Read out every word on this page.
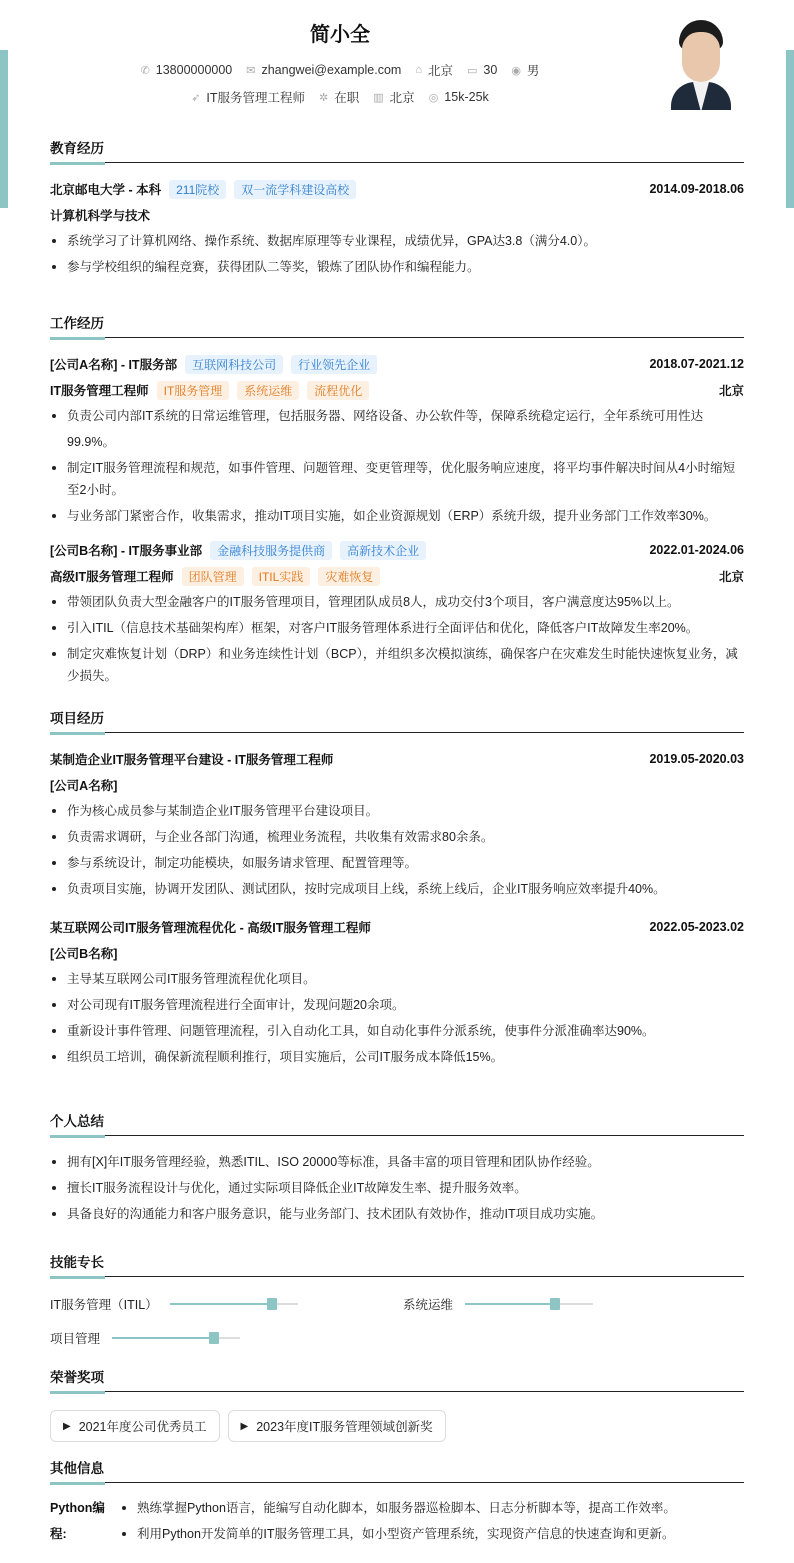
简小全
✆ 13800000000 ✉ zhangwei@example.com ⌂ 北京 ▭ 30 ◉ 男
➶ IT服务管理工程师 ✲ 在职 ▥ 北京 ◎ 15k-25k
教育经历
北京邮电大学 - 本科	211院校	双一流学科建设高校	2014.09-2018.06
计算机科学与技术
系统学习了计算机网络、操作系统、数据库原理等专业课程，成绩优异，GPA达3.8（满分4.0）。
参与学校组织的编程竞赛，获得团队二等奖，锻炼了团队协作和编程能力。
工作经历
[公司A名称] - IT服务部	互联网科技公司	行业领先企业	2018.07-2021.12
IT服务管理工程师	IT服务管理	系统运维	流程优化	北京
负责公司内部IT系统的日常运维管理，包括服务器、网络设备、办公软件等，保障系统稳定运行，全年系统可用性达99.9%。
制定IT服务管理流程和规范，如事件管理、问题管理、变更管理等，优化服务响应速度，将平均事件解决时间从4小时缩短至2小时。
与业务部门紧密合作，收集需求，推动IT项目实施，如企业资源规划（ERP）系统升级，提升业务部门工作效率30%。
[公司B名称] - IT服务事业部	金融科技服务提供商	高新技术企业	2022.01-2024.06
高级IT服务管理工程师	团队管理	ITIL实践	灾难恢复	北京
带领团队负责大型金融客户的IT服务管理项目，管理团队成员8人，成功交付3个项目，客户满意度达95%以上。
引入ITIL（信息技术基础架构库）框架，对客户IT服务管理体系进行全面评估和优化，降低客户IT故障发生率20%。
制定灾难恢复计划（DRP）和业务连续性计划（BCP），并组织多次模拟演练，确保客户在灾难发生时能快速恢复业务，减少损失。
项目经历
某制造企业IT服务管理平台建设 - IT服务管理工程师	2019.05-2020.03
[公司A名称]
作为核心成员参与某制造企业IT服务管理平台建设项目。
负责需求调研，与企业各部门沟通，梳理业务流程，共收集有效需求80余条。
参与系统设计，制定功能模块，如服务请求管理、配置管理等。
负责项目实施，协调开发团队、测试团队，按时完成项目上线，系统上线后，企业IT服务响应效率提升40%。
某互联网公司IT服务管理流程优化 - 高级IT服务管理工程师	2022.05-2023.02
[公司B名称]
主导某互联网公司IT服务管理流程优化项目。
对公司现有IT服务管理流程进行全面审计，发现问题20余项。
重新设计事件管理、问题管理流程，引入自动化工具，如自动化事件分派系统，使事件分派准确率达90%。
组织员工培训，确保新流程顺利推行，项目实施后，公司IT服务成本降低15%。
个人总结
拥有[X]年IT服务管理经验，熟悉ITIL、ISO 20000等标准，具备丰富的项目管理和团队协作经验。
擅长IT服务流程设计与优化，通过实际项目降低企业IT故障发生率、提升服务效率。
具备良好的沟通能力和客户服务意识，能与业务部门、技术团队有效协作，推动IT项目成功实施。
技能专长
IT服务管理（ITIL）	系统运维
项目管理
荣誉奖项
▶ 2021年度公司优秀员工	▶ 2023年度IT服务管理领域创新奖
其他信息
Python编程:
熟练掌握Python语言，能编写自动化脚本，如服务器巡检脚本、日志分析脚本等，提高工作效率。
利用Python开发简单的IT服务管理工具，如小型资产管理系统，实现资产信息的快速查询和更新。
